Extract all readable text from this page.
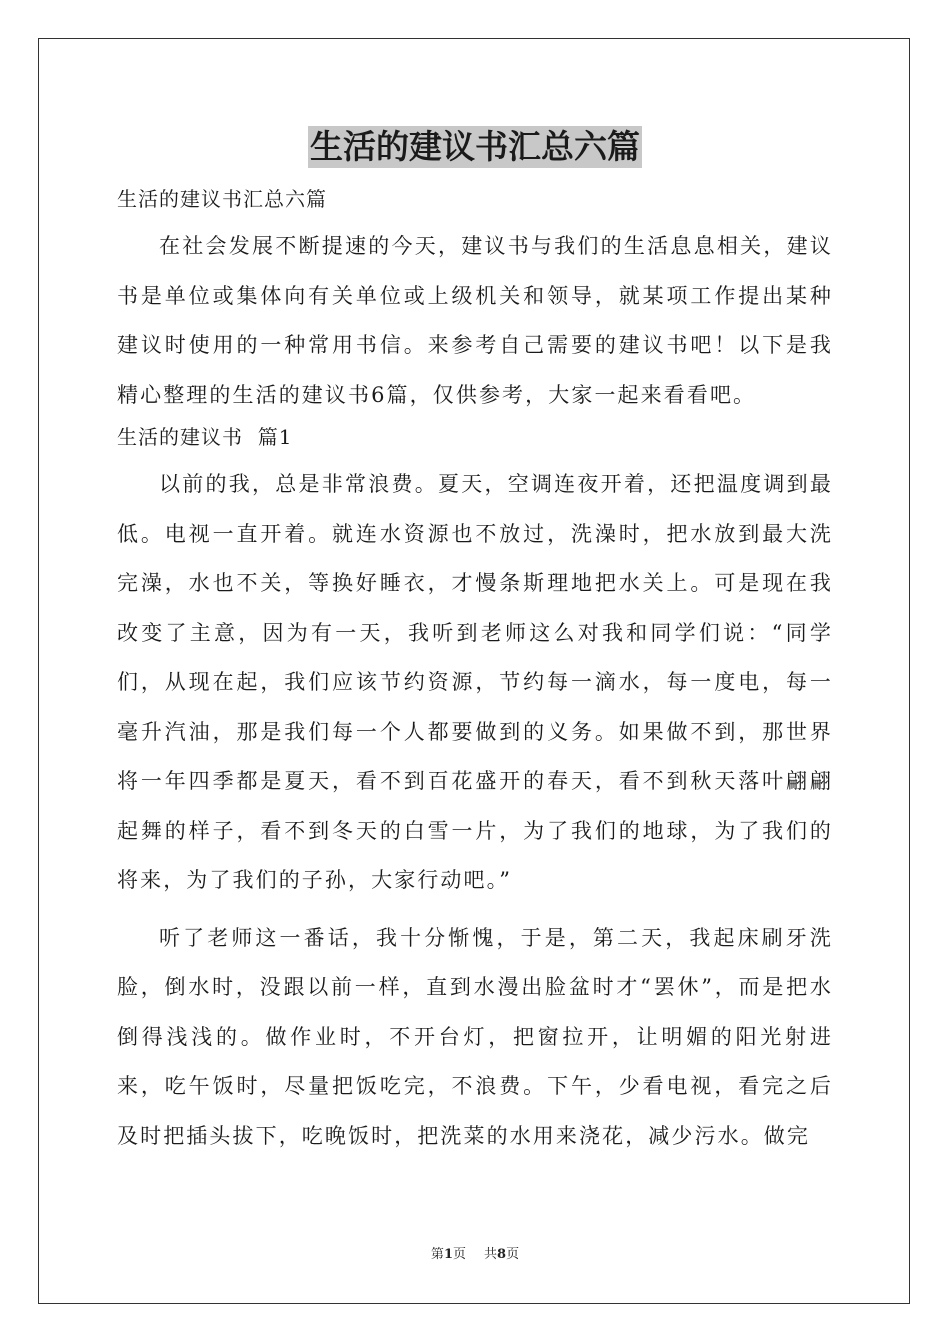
生活的建议书汇总六篇

生活的建议书汇总六篇

在社会发展不断提速的今天，建议书与我们的生活息息相关，建议书是单位或集体向有关单位或上级机关和领导，就某项工作提出某种建议时使用的一种常用书信。来参考自己需要的建议书吧！以下是我精心整理的生活的建议书6篇，仅供参考，大家一起来看看吧。

生活的建议书  篇1

以前的我，总是非常浪费。夏天，空调连夜开着，还把温度调到最低。电视一直开着。就连水资源也不放过，洗澡时，把水放到最大洗完澡，水也不关，等换好睡衣，才慢条斯理地把水关上。可是现在我改变了主意，因为有一天，我听到老师这么对我和同学们说：“同学们，从现在起，我们应该节约资源，节约每一滴水，每一度电，每一毫升汽油，那是我们每一个人都要做到的义务。如果做不到，那世界将一年四季都是夏天，看不到百花盛开的春天，看不到秋天落叶翩翩起舞的样子，看不到冬天的白雪一片，为了我们的地球，为了我们的将来，为了我们的子孙，大家行动吧。”

听了老师这一番话，我十分惭愧，于是，第二天，我起床刷牙洗脸，倒水时，没跟以前一样，直到水漫出脸盆时才“罢休”，而是把水倒得浅浅的。做作业时，不开台灯，把窗拉开，让明媚的阳光射进来，吃午饭时，尽量把饭吃完，不浪费。下午，少看电视，看完之后及时把插头拔下，吃晚饭时，把洗菜的水用来浇花，减少污水。做完

第1页 共8页
